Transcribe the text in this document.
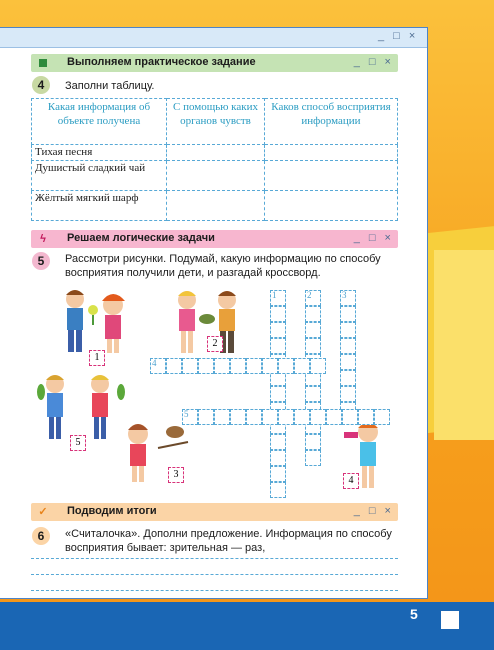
5
_ □ ×
Выполняем практическое задание	_ □ ×
4	Заполни таблицу.
Какая информация об объекте получена	С помощью каких органов чувств	Каков способ восприятия информации
Тихая песня		
Душистый сладкий чай		
Жёлтый мягкий шарф		
ϟ Решаем логические задачи	_ □ ×
5	Рассмотри рисунки. Подумай, какую информацию по способу восприятия получили дети, и разгадай кроссворд.
1
2
5
3
4
1	2	3
4
5
✓ Подводим итоги	_ □ ×
6	«Считалочка». Дополни предложение. Информация по способу восприятия бывает: зрительная — раз,
